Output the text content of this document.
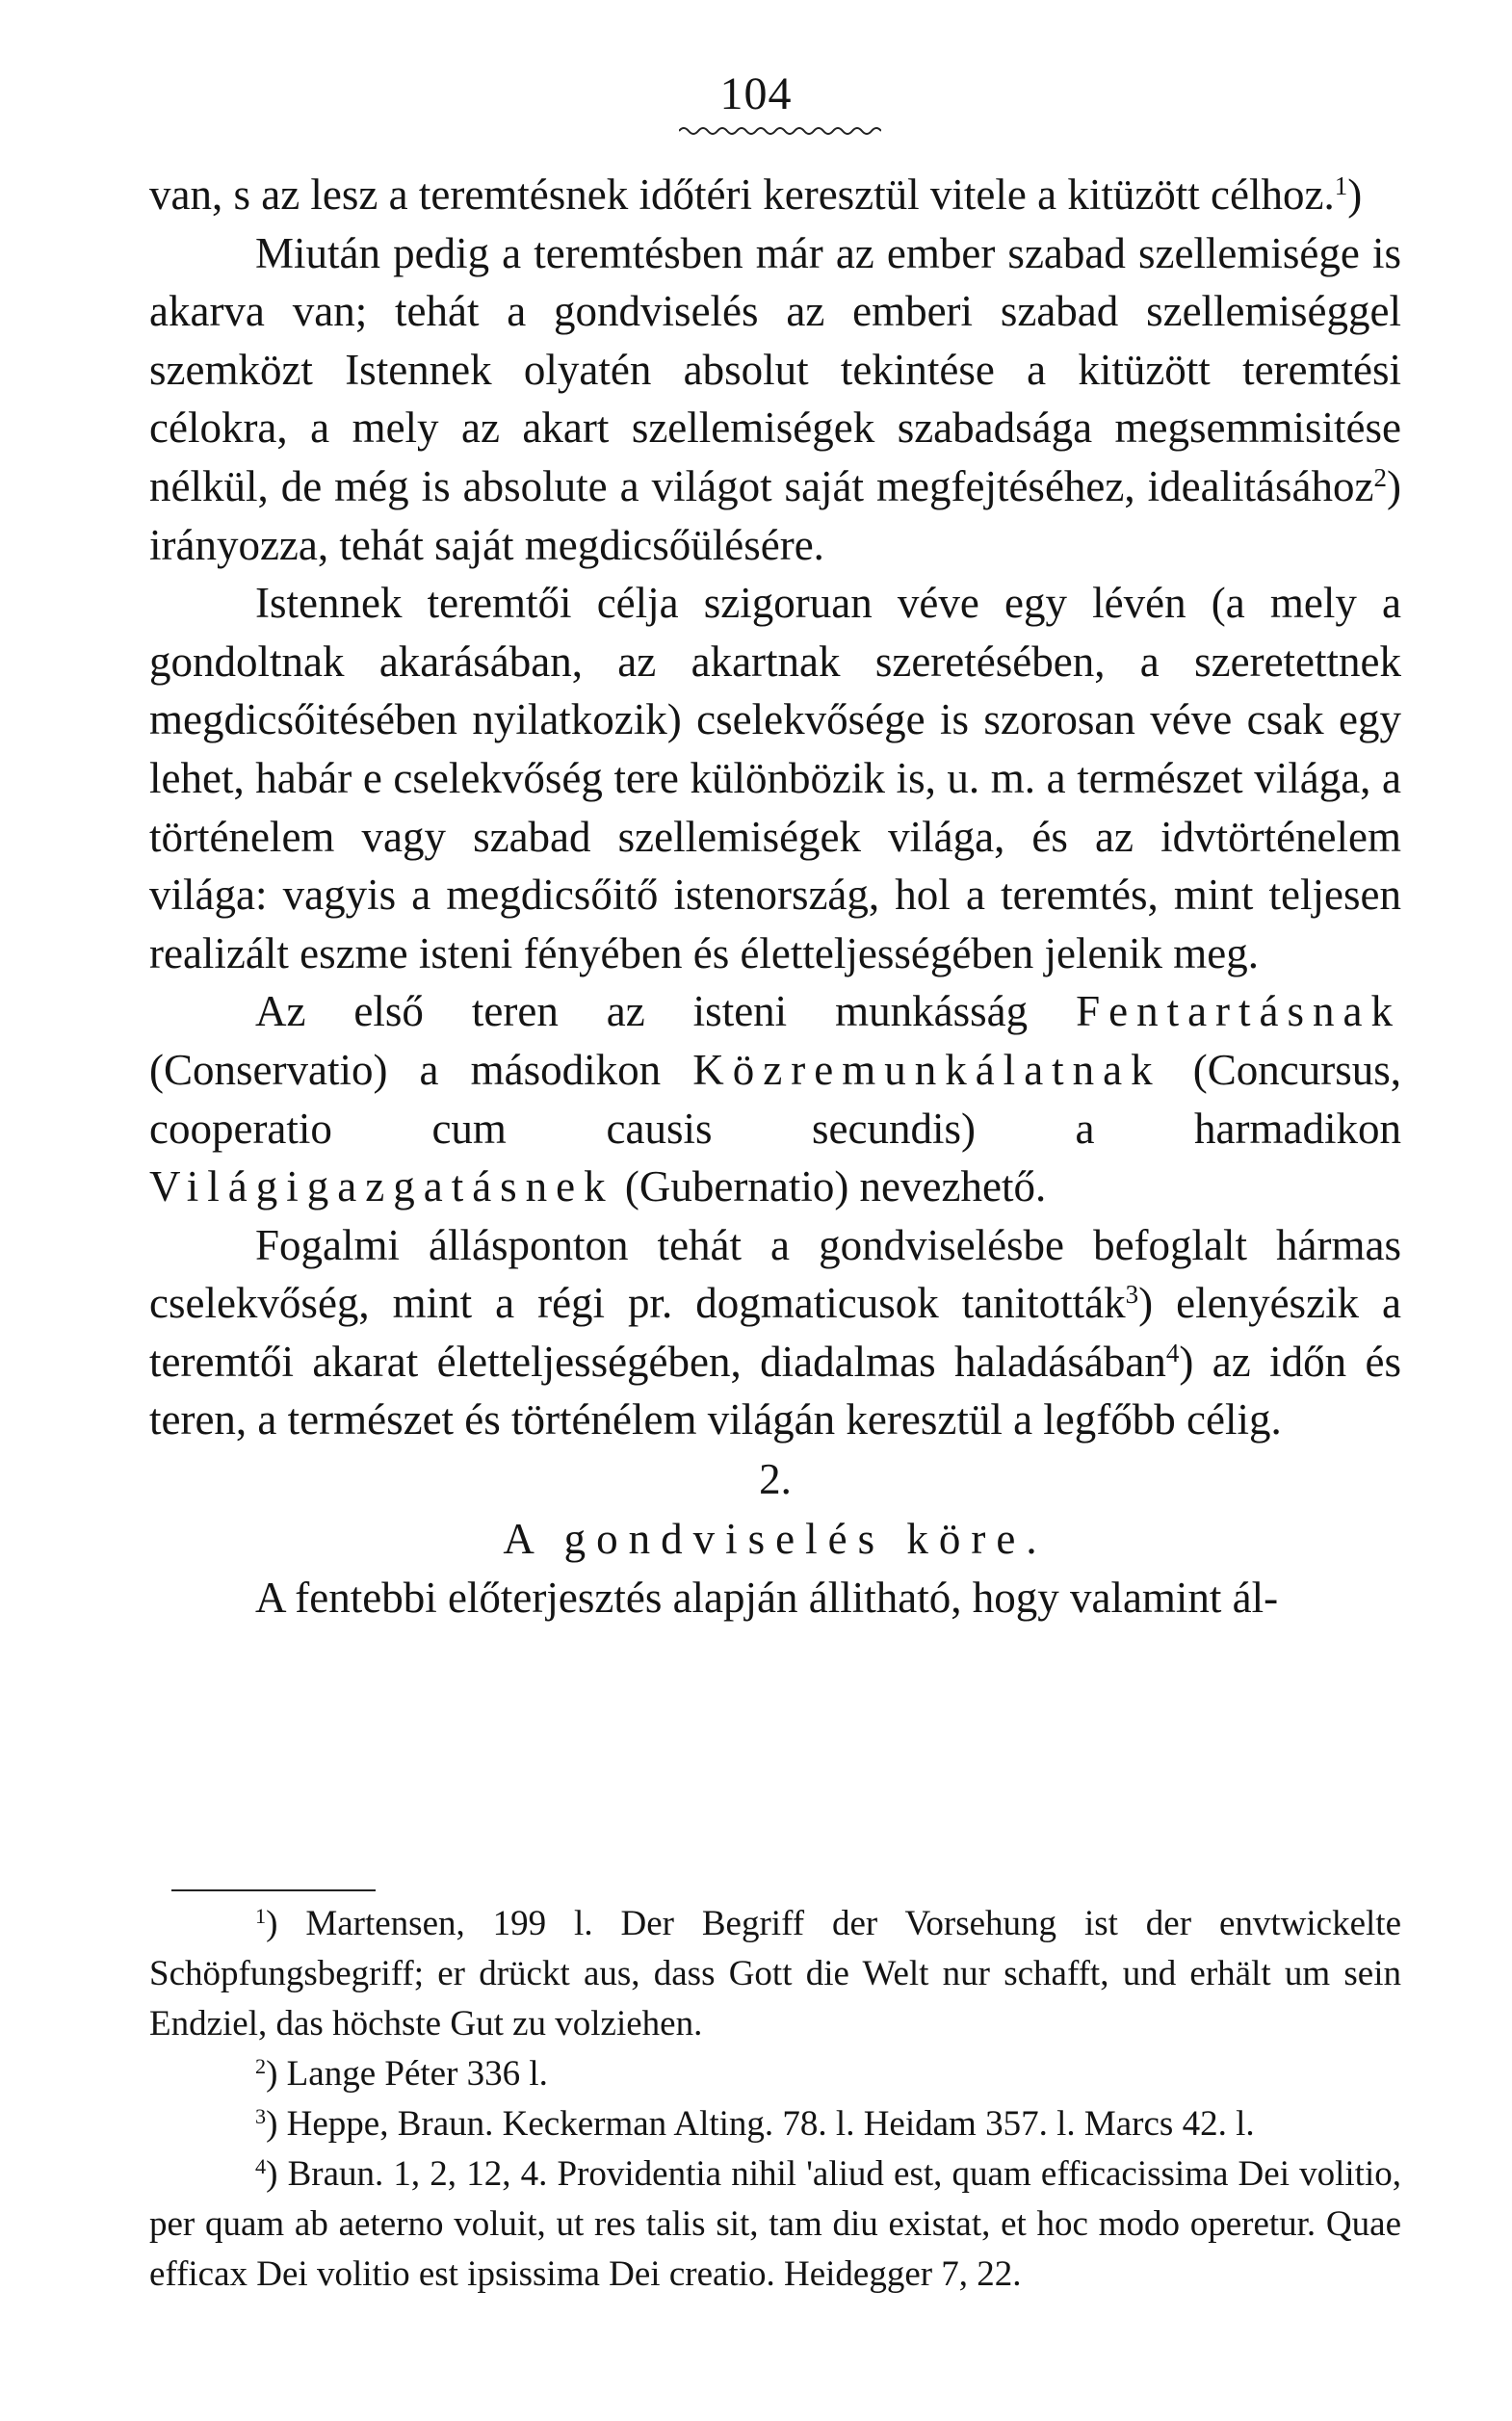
104

van, s az lesz a teremtésnek időtéri keresztül vitele a kitüzött célhoz.$^1$)

Miután pedig a teremtésben már az ember szabad szellemisége is akarva van; tehát a gondviselés az emberi szabad szellemiséggel szemközt Istennek olyatén absolut tekintése a kitüzött teremtési célokra, a mely az akart szellemiségek szabadsága megsemmisitése nélkül, de még is absolute a világot saját megfejtéséhez, idealitásához$^2$) irányozza, tehát saját megdicsőülésére.

Istennek teremtői célja szigoruan véve egy lévén (a mely a gondoltnak akarásában, az akartnak szeretésében, a szeretettnek megdicsőitésében nyilatkozik) cselekvősége is szorosan véve csak egy lehet, habár e cselekvőség tere különbözik is, u. m. a természet világa, a történelem vagy szabad szellemiségek világa, és az idvtörténelem világa: vagyis a megdicsőitő istenország, hol a teremtés, mint teljesen realizált eszme isteni fényében és életteljességében jelenik meg.

Az első teren az isteni munkásság Fentartásnak (Conservatio) a másodikon Közremunkálatnak (Concursus, cooperatio cum causis secundis) a harmadikon Világigazgatásnek (Gubernatio) nevezhető.

Fogalmi állásponton tehát a gondviselésbe befoglalt hármas cselekvőség, mint a régi pr. dogmaticusok tanitották$^3$) elenyészik a teremtői akarat életteljességében, diadalmas haladásában$^4$) az időn és teren, a természet és történélem világán keresztül a legfőbb célig.

2.

A gondviselés köre.

A fentebbi előterjesztés alapján állitható, hogy valamint ál-

$^1$) Martensen, 199 l. Der Begriff der Vorsehung ist der envtwickelte Schöpfungsbegriff; er drückt aus, dass Gott die Welt nur schafft, und erhält um sein Endziel, das höchste Gut zu volziehen.

$^2$) Lange Péter 336 l.

$^3$) Heppe, Braun. Keckerman Alting. 78. l. Heidam 357. l. Marcs 42. l.

$^4$) Braun. 1, 2, 12, 4. Providentia nihil 'aliud est, quam efficacissima Dei volitio, per quam ab aeterno voluit, ut res talis sit, tam diu existat, et hoc modo operetur. Quae efficax Dei volitio est ipsissima Dei creatio. Heidegger 7, 22.
